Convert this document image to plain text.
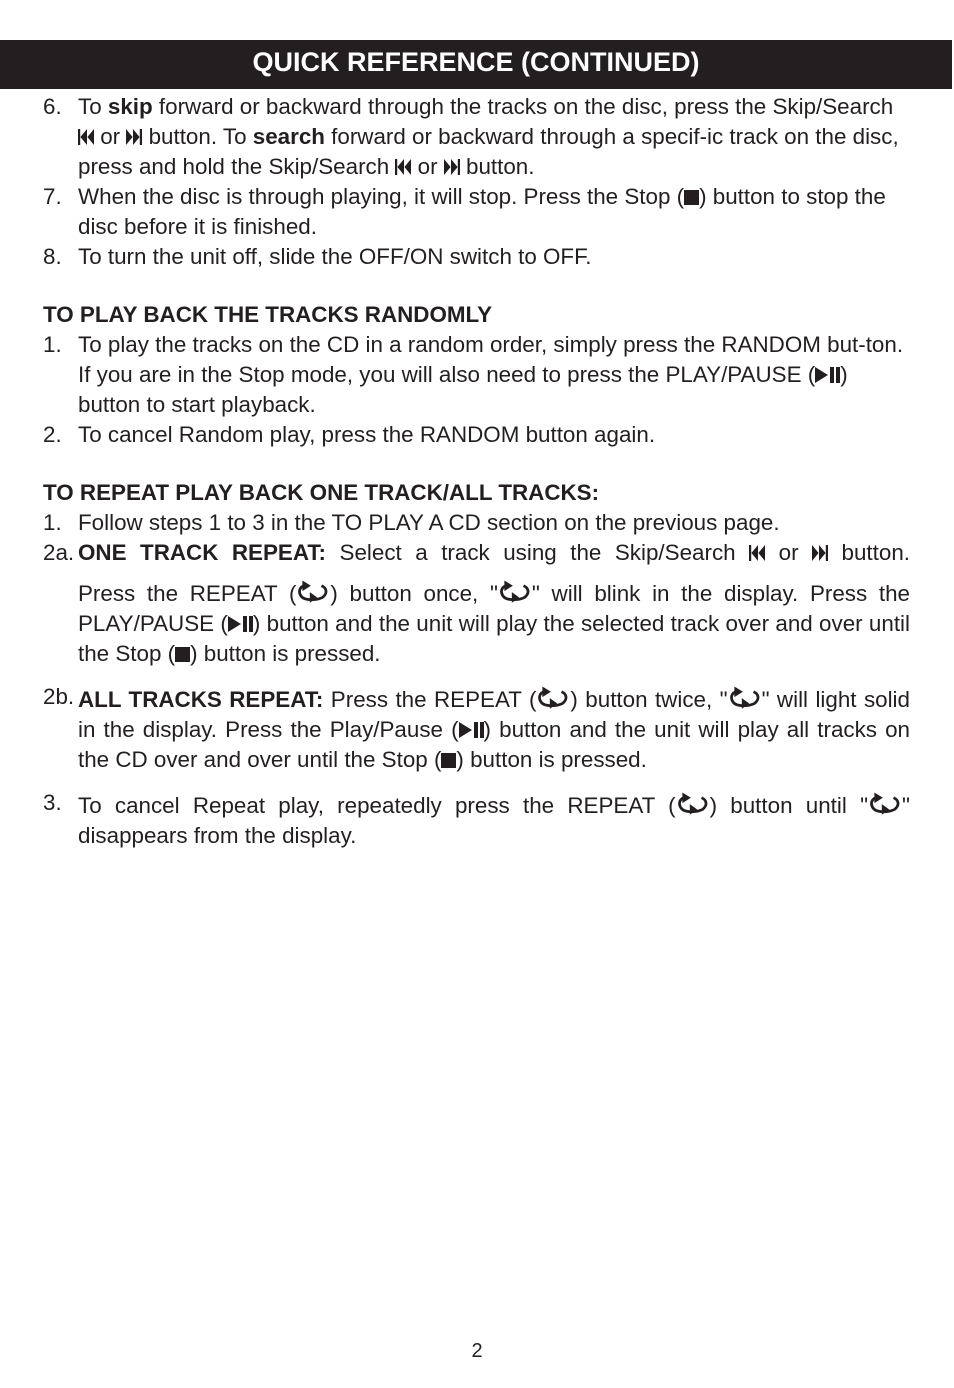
QUICK REFERENCE (CONTINUED)
6. To skip forward or backward through the tracks on the disc, press the Skip/Search  or  button. To search forward or backward through a specif-ic track on the disc, press and hold the Skip/Search  or  button.
7. When the disc is through playing, it will stop. Press the Stop ( ) button to stop the disc before it is finished.
8. To turn the unit off, slide the OFF/ON switch to OFF.
TO PLAY BACK THE TRACKS RANDOMLY
1. To play the tracks on the CD in a random order, simply press the RANDOM but-ton. If you are in the Stop mode, you will also need to press the PLAY/PAUSE ( ) button to start playback.
2. To cancel Random play, press the RANDOM button again.
TO REPEAT PLAY BACK ONE TRACK/ALL TRACKS:
1. Follow steps 1 to 3 in the TO PLAY A CD section on the previous page.
2a. ONE TRACK REPEAT: Select a track using the Skip/Search  or  button.
Press the REPEAT ( ) button once, " " will blink in the display. Press the PLAY/PAUSE ( ) button and the unit will play the selected track over and over until the Stop ( ) button is pressed.
2b. ALL TRACKS REPEAT: Press the REPEAT ( ) button twice, " " will light solid in the display. Press the Play/Pause ( ) button and the unit will play all tracks on the CD over and over until the Stop ( ) button is pressed.
3. To cancel Repeat play, repeatedly press the REPEAT ( ) button until " " disappears from the display.
2
